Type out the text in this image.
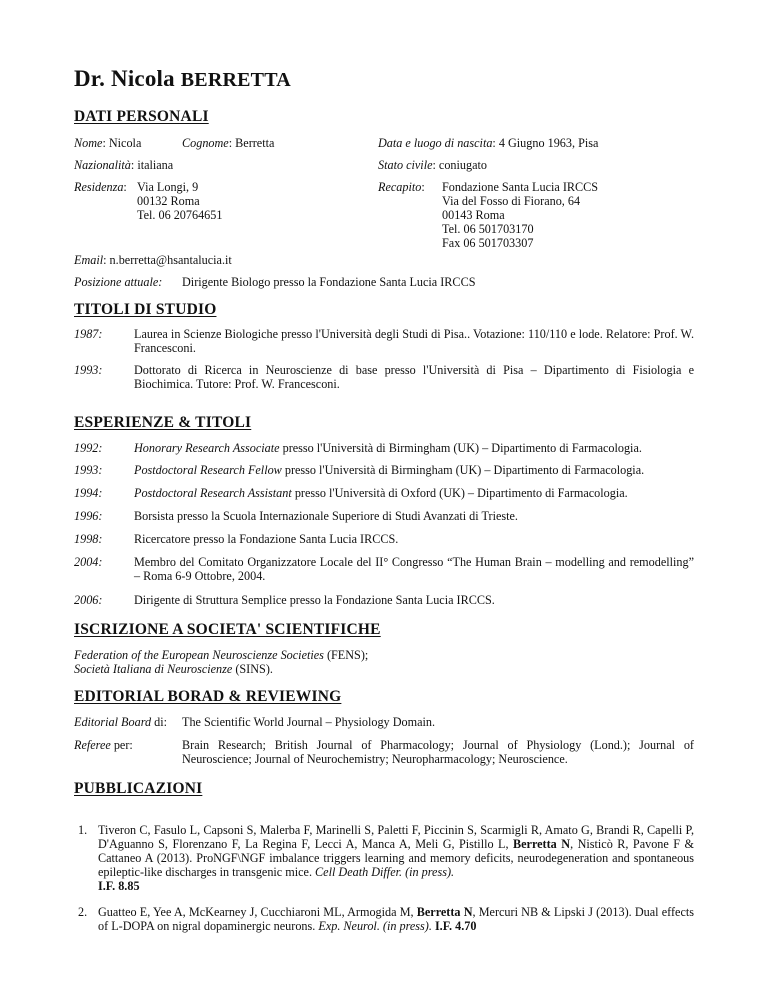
Dr. Nicola BERRETTA
DATI PERSONALI
Nome: Nicola	Cognome: Berretta	Data e luogo di nascita: 4 Giugno 1963, Pisa
Nazionalità: italiana	Stato civile: coniugato
Residenza: Via Longi, 9
00132 Roma
Tel. 06 20764651
Recapito: Fondazione Santa Lucia IRCCS
Via del Fosso di Fiorano, 64
00143 Roma
Tel. 06 501703170
Fax 06 501703307
Email: n.berretta@hsantalucia.it
Posizione attuale: Dirigente Biologo presso la Fondazione Santa Lucia IRCCS
TITOLI DI STUDIO
1987:	Laurea in Scienze Biologiche presso l'Università degli Studi di Pisa.. Votazione: 110/110 e lode. Relatore: Prof. W. Francesconi.
1993:	Dottorato di Ricerca in Neuroscienze di base presso l'Università di Pisa – Dipartimento di Fisiologia e Biochimica. Tutore: Prof. W. Francesconi.
ESPERIENZE & TITOLI
1992:	Honorary Research Associate presso l'Università di Birmingham (UK) – Dipartimento di Farmacologia.
1993:	Postdoctoral Research Fellow presso l'Università di Birmingham (UK) – Dipartimento di Farmacologia.
1994:	Postdoctoral Research Assistant presso l'Università di Oxford (UK) – Dipartimento di Farmacologia.
1996:	Borsista presso la Scuola Internazionale Superiore di Studi Avanzati di Trieste.
1998:	Ricercatore presso la Fondazione Santa Lucia IRCCS.
2004:	Membro del Comitato Organizzatore Locale del II° Congresso “The Human Brain – modelling and remodelling” – Roma 6-9 Ottobre, 2004.
2006:	Dirigente di Struttura Semplice presso la Fondazione Santa Lucia IRCCS.
ISCRIZIONE A SOCIETA' SCIENTIFICHE
Federation of the European Neuroscienze Societies (FENS);
Società Italiana di Neuroscienze (SINS).
EDITORIAL BORAD & REVIEWING
Editorial Board di: The Scientific World Journal – Physiology Domain.
Referee per:	Brain Research; British Journal of Pharmacology; Journal of Physiology (Lond.); Journal of Neuroscience; Journal of Neurochemistry; Neuropharmacology; Neuroscience.
PUBBLICAZIONI
1. Tiveron C, Fasulo L, Capsoni S, Malerba F, Marinelli S, Paletti F, Piccinin S, Scarmigli R, Amato G, Brandi R, Capelli P, D'Aguanno S, Florenzano F, La Regina F, Lecci A, Manca A, Meli G, Pistillo L, Berretta N, Nisticò R, Pavone F & Cattaneo A (2013). ProNGF\NGF imbalance triggers learning and memory deficits, neurodegeneration and spontaneous epileptic-like discharges in transgenic mice. Cell Death Differ. (in press).
I.F. 8.85
2. Guatteo E, Yee A, McKearney J, Cucchiaroni ML, Armogida M, Berretta N, Mercuri NB & Lipski J (2013). Dual effects of L-DOPA on nigral dopaminergic neurons. Exp. Neurol. (in press). I.F. 4.70
